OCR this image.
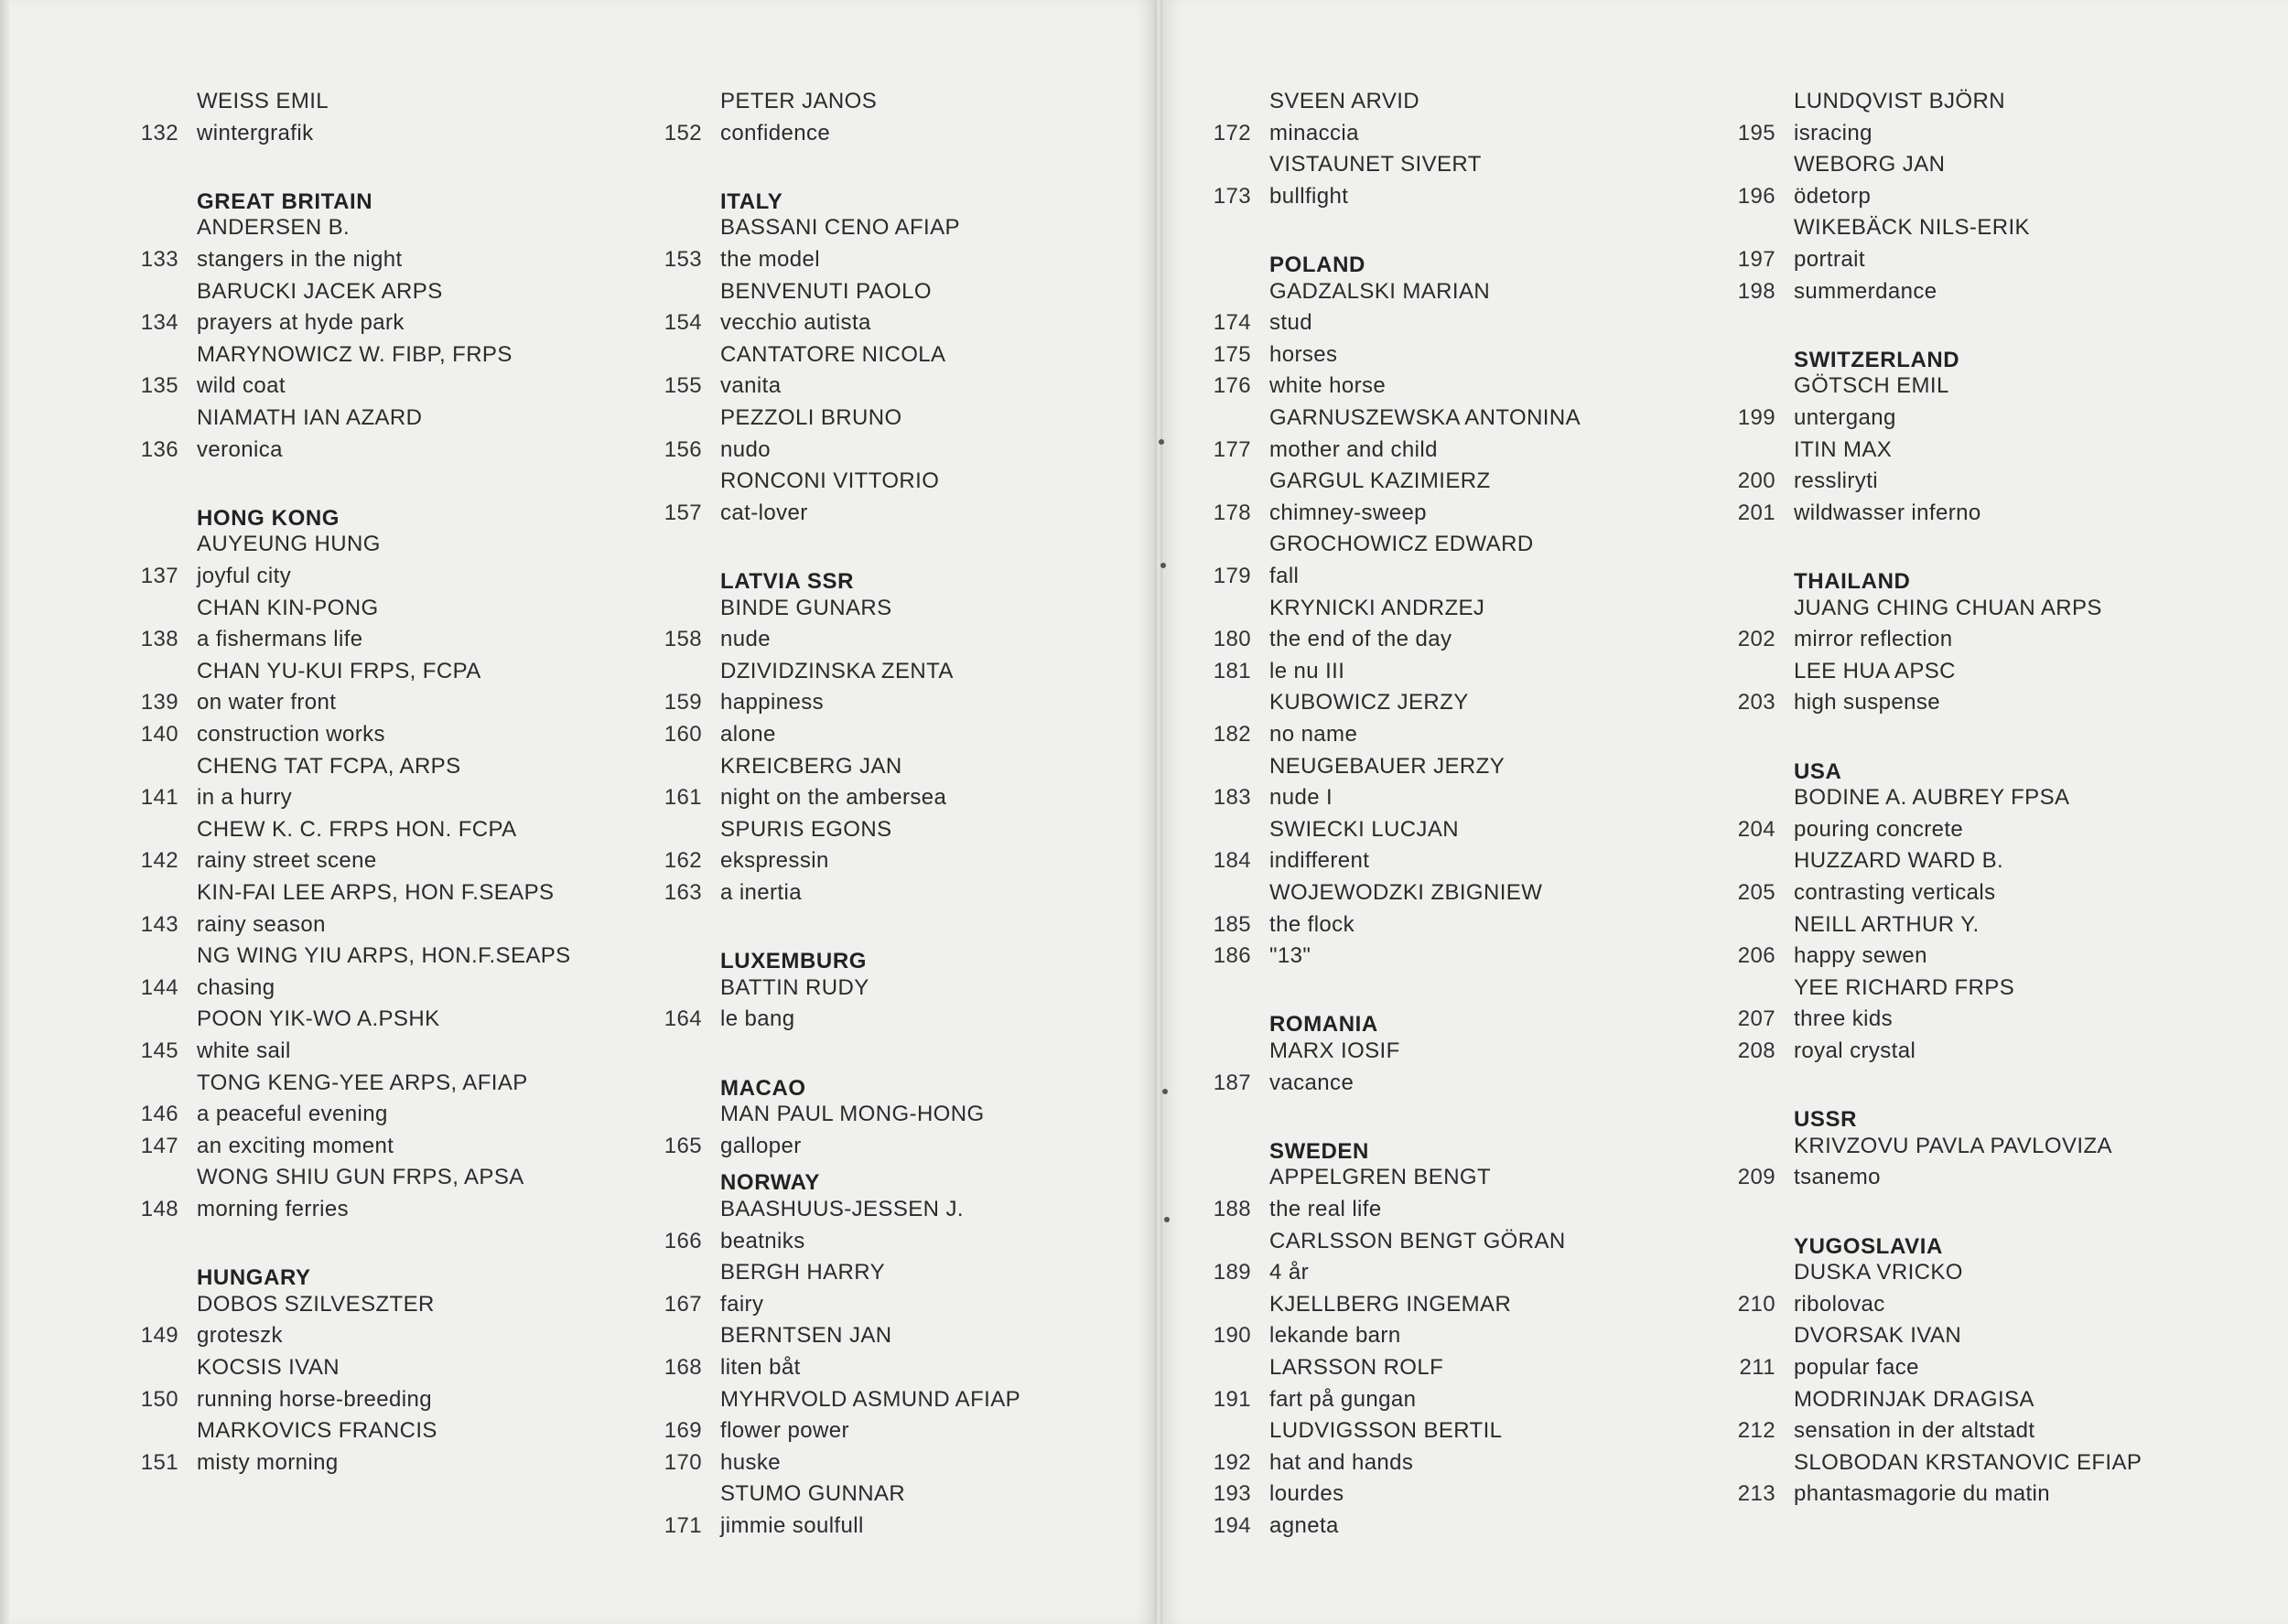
WEISS EMIL
132 wintergrafik
GREAT BRITAIN
ANDERSEN B.
133 stangers in the night
BARUCKI JACEK ARPS
134 prayers at hyde park
MARYNOWICZ W. FIBP, FRPS
135 wild coat
NIAMATH IAN AZARD
136 veronica
HONG KONG
AUYEUNG HUNG
137 joyful city
CHAN KIN-PONG
138 a fishermans life
CHAN YU-KUI FRPS, FCPA
139 on water front
140 construction works
CHENG TAT FCPA, ARPS
141 in a hurry
CHEW K. C. FRPS HON. FCPA
142 rainy street scene
KIN-FAI LEE ARPS, HON F.SEAPS
143 rainy season
NG WING YIU ARPS, HON.F.SEAPS
144 chasing
POON YIK-WO A.PSHK
145 white sail
TONG KENG-YEE ARPS, AFIAP
146 a peaceful evening
147 an exciting moment
WONG SHIU GUN FRPS, APSA
148 morning ferries
HUNGARY
DOBOS SZILVESZTER
149 groteszk
KOCSIS IVAN
150 running horse-breeding
MARKOVICS FRANCIS
151 misty morning
PETER JANOS
152 confidence
ITALY
BASSANI CENO AFIAP
153 the model
BENVENUTI PAOLO
154 vecchio autista
CANTATORE NICOLA
155 vanita
PEZZOLI BRUNO
156 nudo
RONCONI VITTORIO
157 cat-lover
LATVIA SSR
BINDE GUNARS
158 nude
DZIVIDZINSKA ZENTA
159 happiness
160 alone
KREICBERG JAN
161 night on the ambersea
SPURIS EGONS
162 ekspressin
163 a inertia
LUXEMBURG
BATTIN RUDY
164 le bang
MACAO
MAN PAUL MONG-HONG
165 galloper
NORWAY
BAASHUUS-JESSEN J.
166 beatniks
BERGH HARRY
167 fairy
BERNTSEN JAN
168 liten båt
MYHRVOLD ASMUND AFIAP
169 flower power
170 huske
STUMO GUNNAR
171 jimmie soulfull
SVEEN ARVID
172 minaccia
VISTAUNET SIVERT
173 bullfight
POLAND
GADZALSKI MARIAN
174 stud
175 horses
176 white horse
GARNUSZEWSKA ANTONINA
177 mother and child
GARGUL KAZIMIERZ
178 chimney-sweep
GROCHOWICZ EDWARD
179 fall
KRYNICKI ANDRZEJ
180 the end of the day
181 le nu III
KUBOWICZ JERZY
182 no name
NEUGEBAUER JERZY
183 nude I
SWIECKI LUCJAN
184 indifferent
WOJEWODZKI ZBIGNIEW
185 the flock
186 "13"
ROMANIA
MARX IOSIF
187 vacance
SWEDEN
APPELGREN BENGT
188 the real life
CARLSSON BENGT GÖRAN
189 4 år
KJELLBERG INGEMAR
190 lekande barn
LARSSON ROLF
191 fart på gungan
LUDVIGSSON BERTIL
192 hat and hands
193 lourdes
194 agneta
LUNDQVIST BJÖRN
195 isracing
WEBORG JAN
196 ödetorp
WIKEBÄCK NILS-ERIK
197 portrait
198 summerdance
SWITZERLAND
GÖTSCH EMIL
199 untergang
ITIN MAX
200 ressliryti
201 wildwasser inferno
THAILAND
JUANG CHING CHUAN ARPS
202 mirror reflection
LEE HUA APSC
203 high suspense
USA
BODINE A. AUBREY FPSA
204 pouring concrete
HUZZARD WARD B.
205 contrasting verticals
NEILL ARTHUR Y.
206 happy sewen
YEE RICHARD FRPS
207 three kids
208 royal crystal
USSR
KRIVZOVU PAVLA PAVLOVIZA
209 tsanemo
YUGOSLAVIA
DUSKA VRICKO
210 ribolovac
DVORSAK IVAN
211 popular face
MODRINJAK DRAGISA
212 sensation in der altstadt
SLOBODAN KRSTANOVIC EFIAP
213 phantasmagorie du matin
